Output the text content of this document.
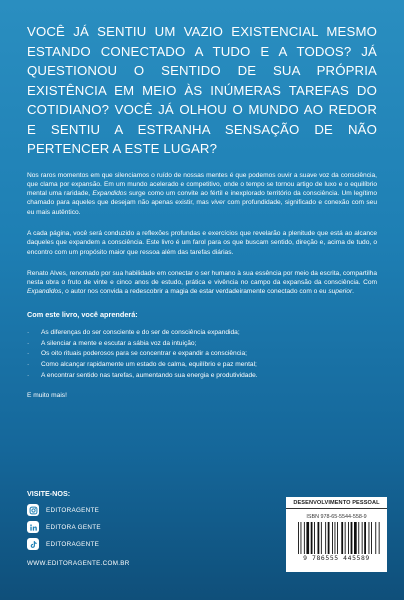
VOCÊ JÁ SENTIU UM VAZIO EXISTENCIAL MESMO ESTANDO CONECTADO A TUDO E A TODOS? JÁ QUESTIONOU O SENTIDO DE SUA PRÓPRIA EXISTÊNCIA EM MEIO ÀS INÚMERAS TAREFAS DO COTIDIANO? VOCÊ JÁ OLHOU O MUNDO AO REDOR E SENTIU A ESTRANHA SENSAÇÃO DE NÃO PERTENCER A ESTE LUGAR?

Nos raros momentos em que silenciamos o ruído de nossas mentes é que podemos ouvir a suave voz da consciência, que clama por expansão. Em um mundo acelerado e competitivo, onde o tempo se tornou artigo de luxo e o equilíbrio mental uma raridade, Expandidos surge como um convite ao fértil e inexplorado território da consciência. Um legítimo chamado para aqueles que desejam não apenas existir, mas viver com profundidade, significado e conexão com seu eu mais autêntico.

A cada página, você será conduzido a reflexões profundas e exercícios que revelarão a plenitude que está ao alcance daqueles que expandem a consciência. Este livro é um farol para os que buscam sentido, direção e, acima de tudo, o encontro com um propósito maior que ressoa além das tarefas diárias.

Renato Alves, renomado por sua habilidade em conectar o ser humano à sua essência por meio da escrita, compartilha nesta obra o fruto de vinte e cinco anos de estudo, prática e vivência no campo da expansão da consciência. Com Expandidos, o autor nos convida a redescobrir a magia de estar verdadeiramente conectado com o eu superior.

Com este livro, você aprenderá:

· As diferenças do ser consciente e do ser de consciência expandida;
· A silenciar a mente e escutar a sábia voz da intuição;
· Os oito rituais poderosos para se concentrar e expandir a consciência;
· Como alcançar rapidamente um estado de calma, equilíbrio e paz mental;
· A encontrar sentido nas tarefas, aumentando sua energia e produtividade.

E muito mais!

VISITE-NOS:
EDITORAGENTE
EDITORA GENTE
EDITORAGENTE
WWW.EDITORAGENTE.COM.BR
DESENVOLVIMENTO PESSOAL
ISBN 978-65-5544-558-9
9 786555 445589
